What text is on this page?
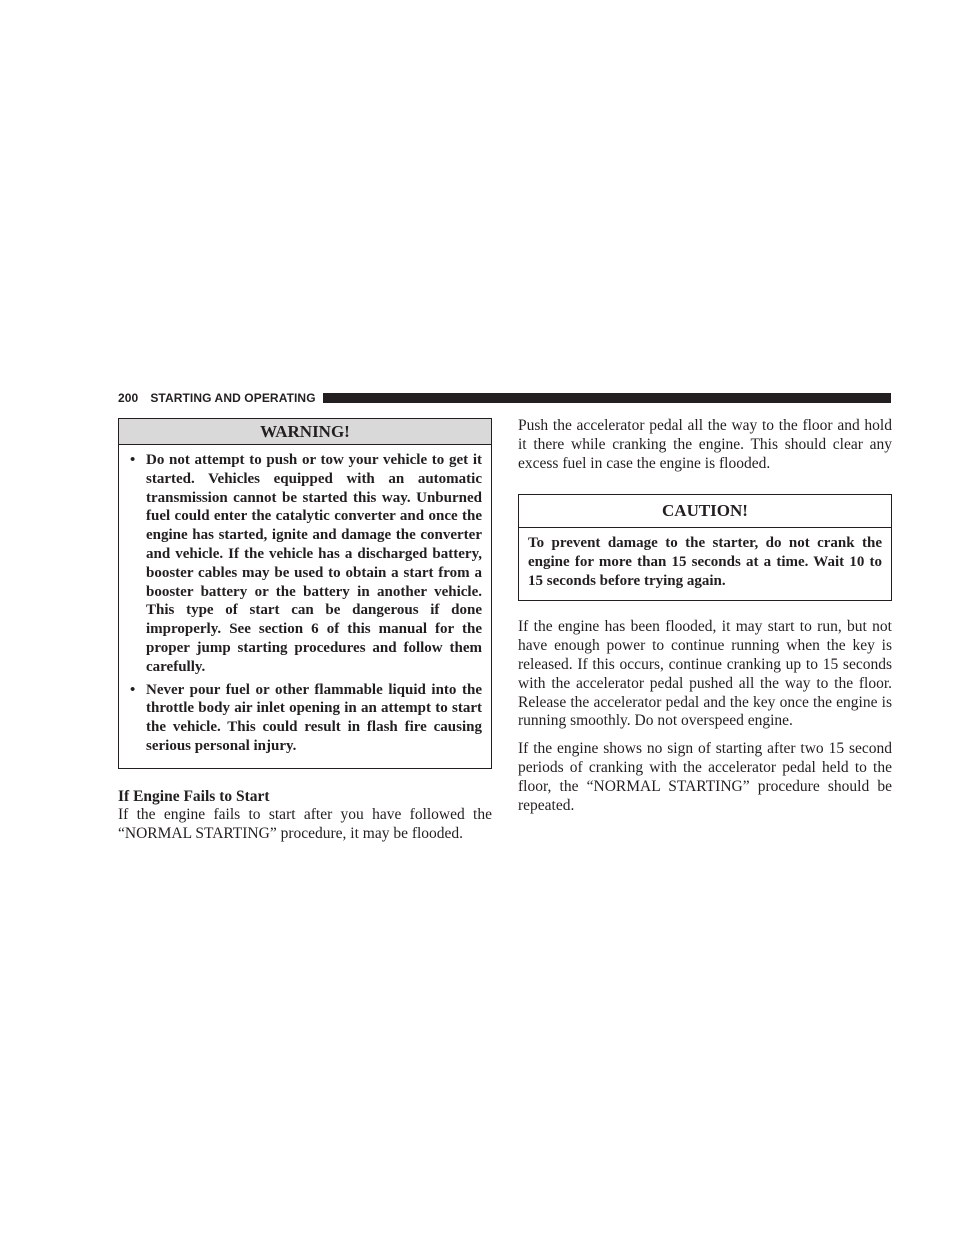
200 STARTING AND OPERATING
WARNING!
• Do not attempt to push or tow your vehicle to get it started. Vehicles equipped with an automatic transmission cannot be started this way. Unburned fuel could enter the catalytic converter and once the engine has started, ignite and damage the converter and vehicle. If the vehicle has a discharged battery, booster cables may be used to obtain a start from a booster battery or the battery in another vehicle. This type of start can be dangerous if done improperly. See section 6 of this manual for the proper jump starting procedures and follow them carefully.
• Never pour fuel or other flammable liquid into the throttle body air inlet opening in an attempt to start the vehicle. This could result in flash fire causing serious personal injury.
If Engine Fails to Start

If the engine fails to start after you have followed the “NORMAL STARTING” procedure, it may be flooded.

Push the accelerator pedal all the way to the floor and hold it there while cranking the engine. This should clear any excess fuel in case the engine is flooded.

CAUTION!

To prevent damage to the starter, do not crank the engine for more than 15 seconds at a time. Wait 10 to 15 seconds before trying again.

If the engine has been flooded, it may start to run, but not have enough power to continue running when the key is released. If this occurs, continue cranking up to 15 seconds with the accelerator pedal pushed all the way to the floor. Release the accelerator pedal and the key once the engine is running smoothly. Do not overspeed engine.

If the engine shows no sign of starting after two 15 second periods of cranking with the accelerator pedal held to the floor, the “NORMAL STARTING” procedure should be repeated.
